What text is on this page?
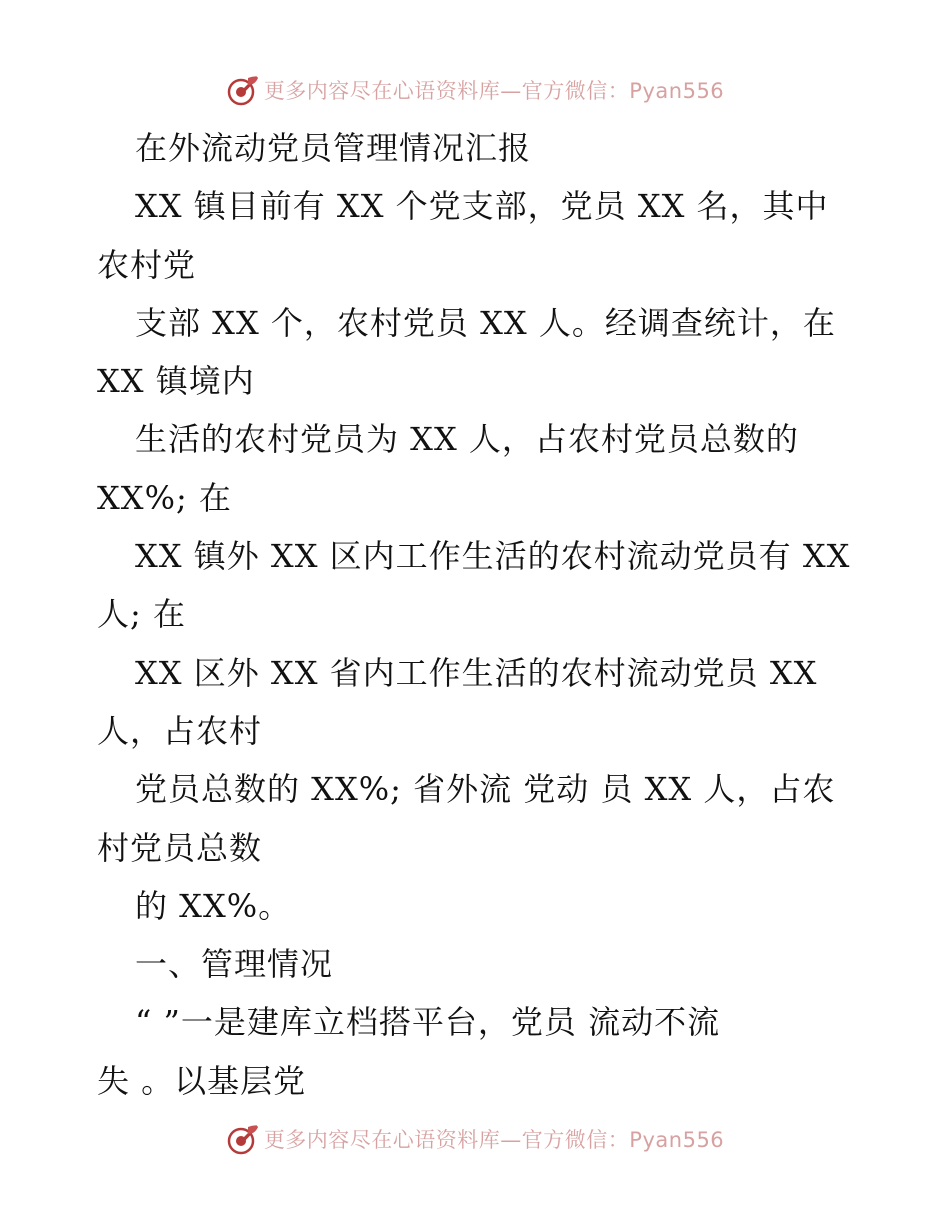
更多内容尽在心语资料库—官方微信：Pyan556
在外流动党员管理情况汇报
XX 镇目前有 XX 个党支部，党员 XX 名，其中
农村党
支部 XX 个，农村党员 XX 人。经调查统计，在
XX 镇境内
生活的农村党员为 XX 人，占农村党员总数的
XX%; 在
XX 镇外 XX 区内工作生活的农村流动党员有 XX
人; 在
XX 区外 XX 省内工作生活的农村流动党员 XX
人，占农村
党员总数的 XX%; 省外流 党动 员 XX 人，占农
村党员总数
的 XX%。
一、管理情况
“ ”一是建库立档搭平台，党员 流动不流
失 。以基层党
更多内容尽在心语资料库—官方微信：Pyan556
